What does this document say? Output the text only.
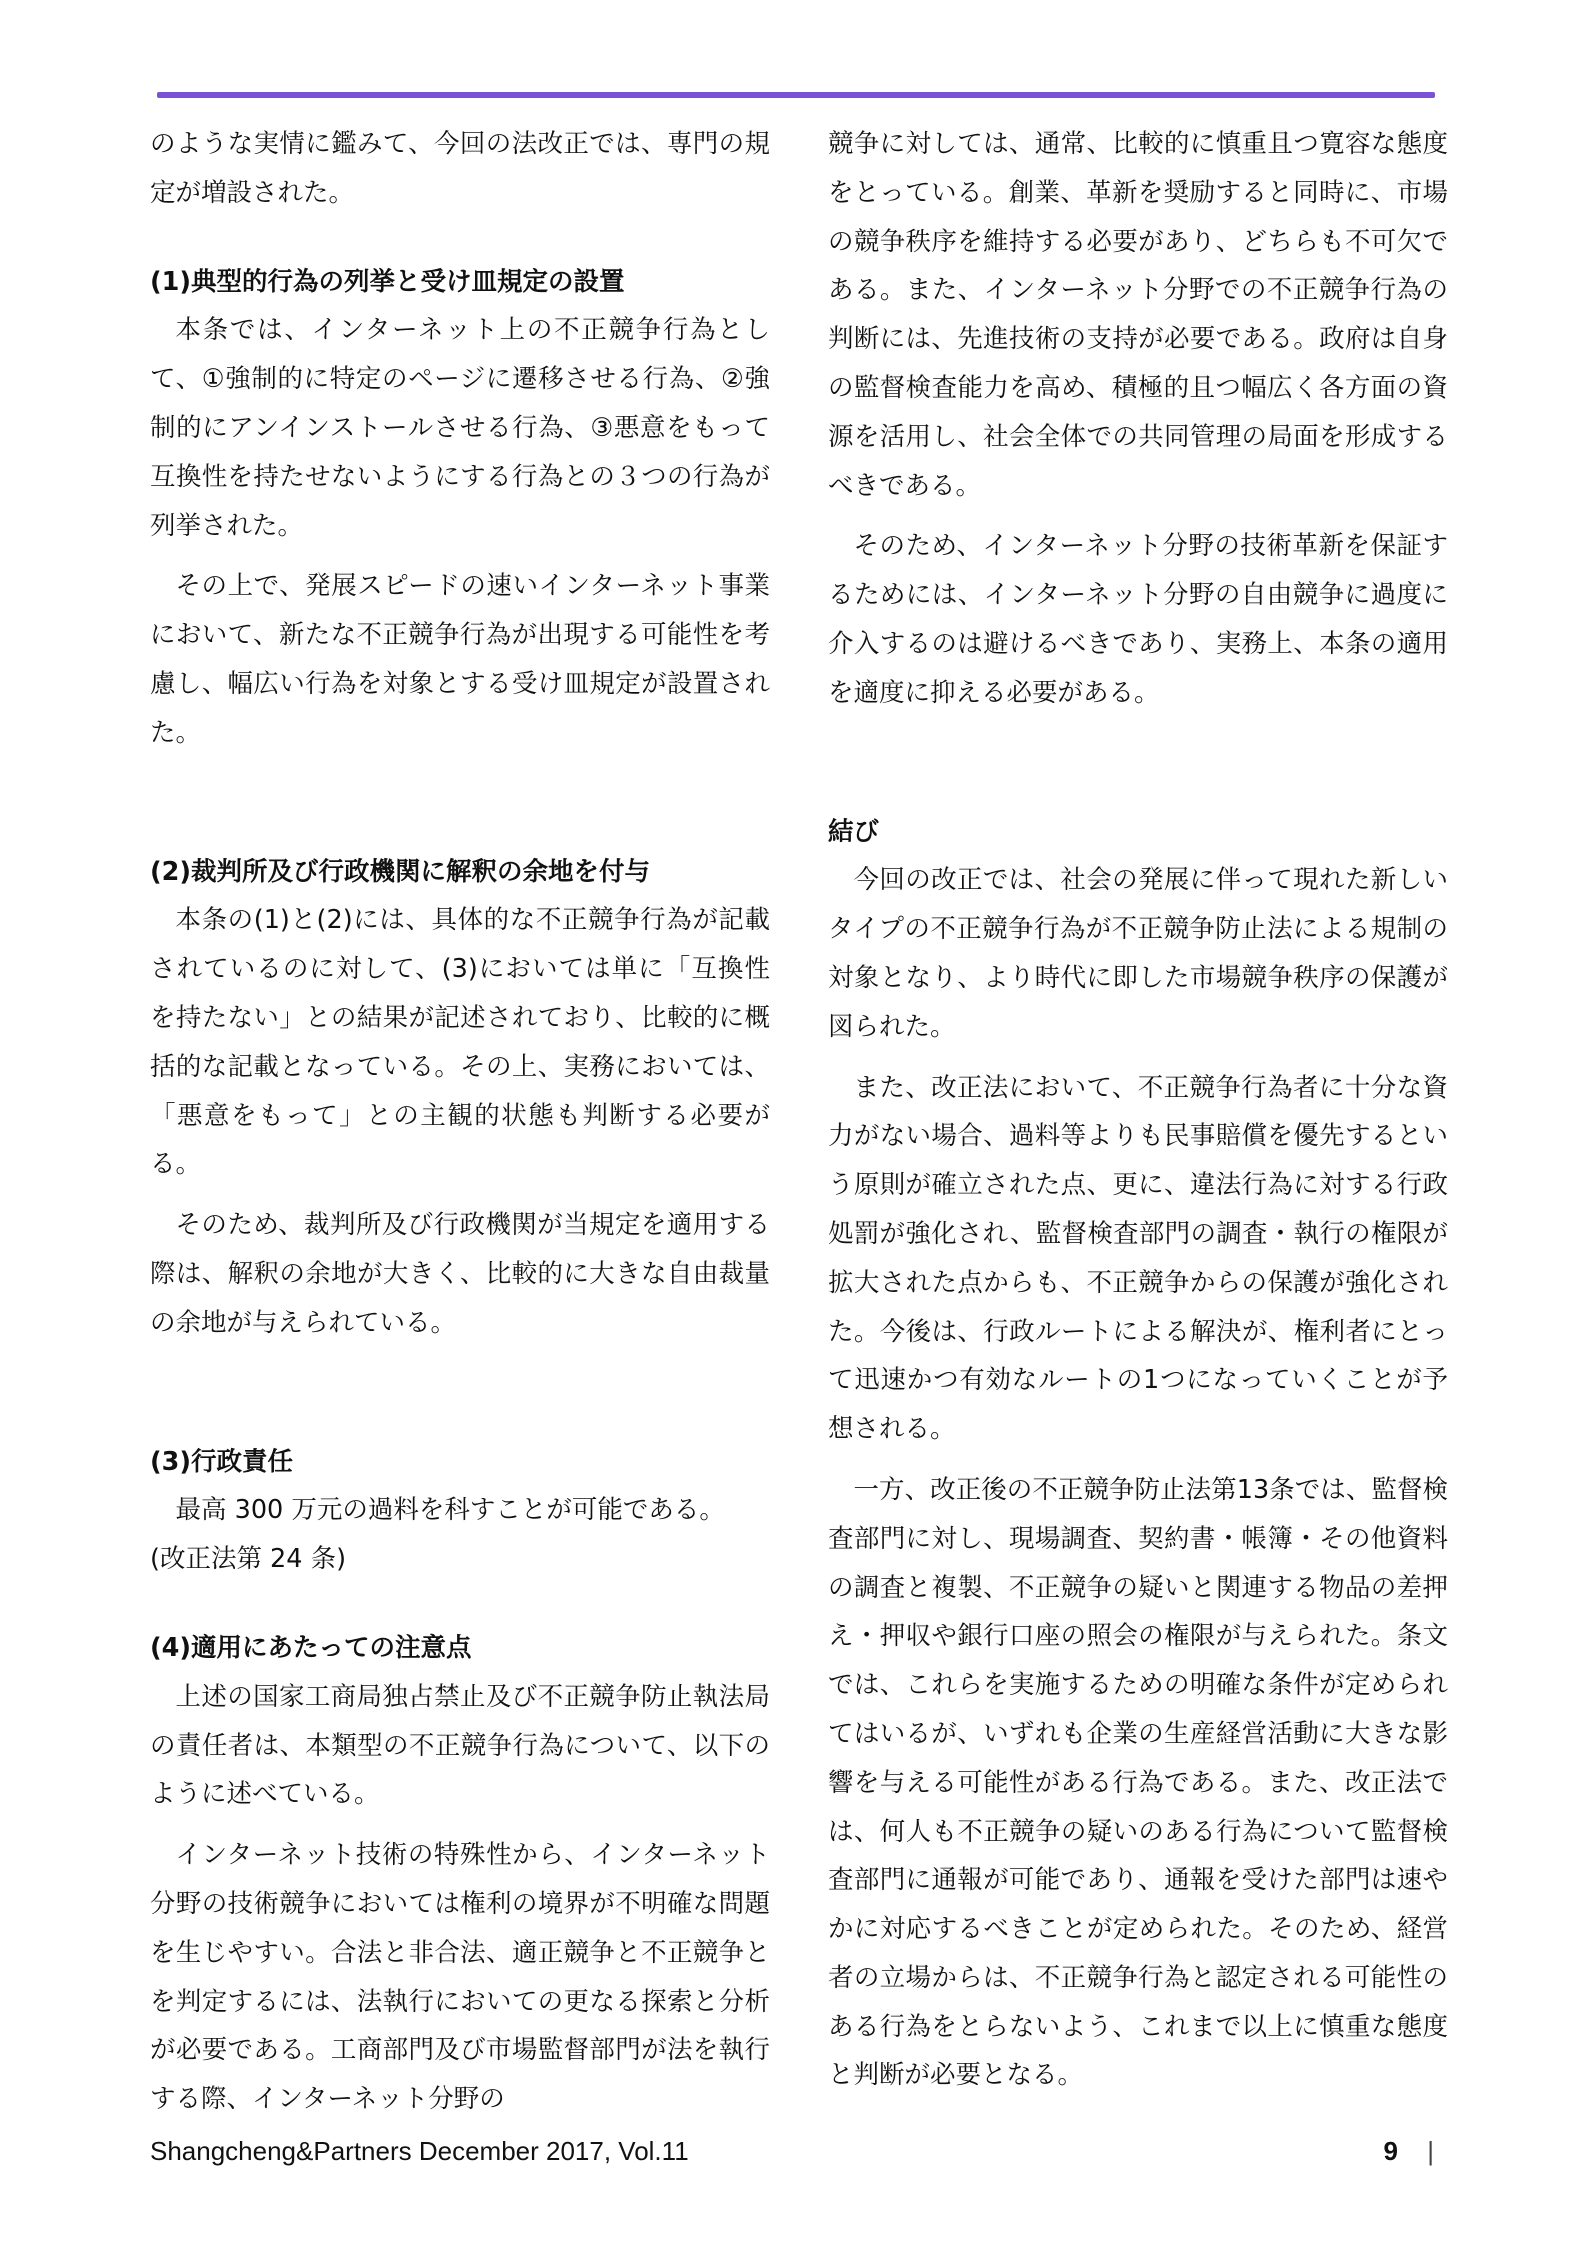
のような実情に鑑みて、今回の法改正では、専門の規定が増設された。

(1)典型的行為の列挙と受け皿規定の設置

本条では、インターネット上の不正競争行為として、①強制的に特定のページに遷移させる行為、②強制的にアンインストールさせる行為、③悪意をもって互換性を持たせないようにする行為との３つの行為が列挙された。

その上で、発展スピードの速いインターネット事業において、新たな不正競争行為が出現する可能性を考慮し、幅広い行為を対象とする受け皿規定が設置された。

(2)裁判所及び行政機関に解釈の余地を付与

本条の(1)と(2)には、具体的な不正競争行為が記載されているのに対して、(3)においては単に「互換性を持たない」との結果が記述されており、比較的に概括的な記載となっている。その上、実務においては、「悪意をもって」との主観的状態も判断する必要がる。

そのため、裁判所及び行政機関が当規定を適用する際は、解釈の余地が大きく、比較的に大きな自由裁量の余地が与えられている。

(3)行政責任

最高 300 万元の過料を科すことが可能である。

(改正法第 24 条)

(4)適用にあたっての注意点

上述の国家工商局独占禁止及び不正競争防止執法局の責任者は、本類型の不正競争行為について、以下のように述べている。

インターネット技術の特殊性から、インターネット分野の技術競争においては権利の境界が不明確な問題を生じやすい。合法と非合法、適正競争と不正競争とを判定するには、法執行においての更なる探索と分析が必要である。工商部門及び市場監督部門が法を執行する際、インターネット分野の

競争に対しては、通常、比較的に慎重且つ寛容な態度をとっている。創業、革新を奨励すると同時に、市場の競争秩序を維持する必要があり、どちらも不可欠である。また、インターネット分野での不正競争行為の判断には、先進技術の支持が必要である。政府は自身の監督検査能力を高め、積極的且つ幅広く各方面の資源を活用し、社会全体での共同管理の局面を形成するべきである。

そのため、インターネット分野の技術革新を保証するためには、インターネット分野の自由競争に過度に介入するのは避けるべきであり、実務上、本条の適用を適度に抑える必要がある。

結び

今回の改正では、社会の発展に伴って現れた新しいタイプの不正競争行為が不正競争防止法による規制の対象となり、より時代に即した市場競争秩序の保護が図られた。

また、改正法において、不正競争行為者に十分な資力がない場合、過料等よりも民事賠償を優先するという原則が確立された点、更に、違法行為に対する行政処罰が強化され、監督検査部門の調査・執行の権限が拡大された点からも、不正競争からの保護が強化された。今後は、行政ルートによる解決が、権利者にとって迅速かつ有効なルートの1つになっていくことが予想される。

一方、改正後の不正競争防止法第13条では、監督検査部門に対し、現場調査、契約書・帳簿・その他資料の調査と複製、不正競争の疑いと関連する物品の差押え・押収や銀行口座の照会の権限が与えられた。条文では、これらを実施するための明確な条件が定められてはいるが、いずれも企業の生産経営活動に大きな影響を与える可能性がある行為である。また、改正法では、何人も不正競争の疑いのある行為について監督検査部門に通報が可能であり、通報を受けた部門は速やかに対応するべきことが定められた。そのため、経営者の立場からは、不正競争行為と認定される可能性のある行為をとらないよう、これまで以上に慎重な態度と判断が必要となる。

Shangcheng&Partners December 2017, Vol.11	9 |
